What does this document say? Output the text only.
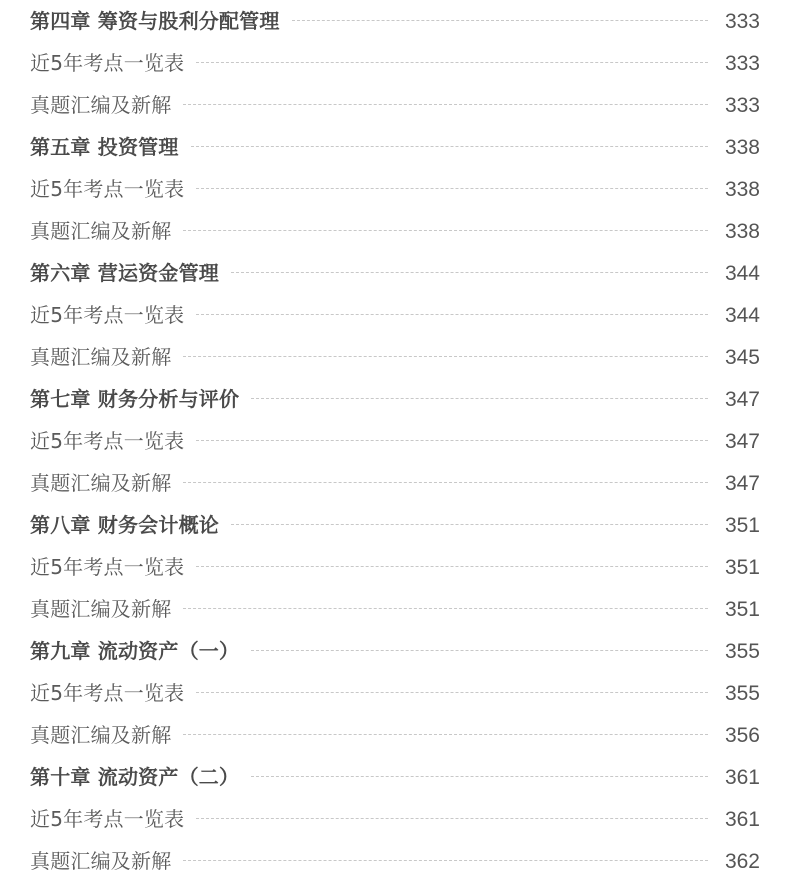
第四章 筹资与股利分配管理	333
近5年考点一览表	333
真题汇编及新解	333
第五章 投资管理	338
近5年考点一览表	338
真题汇编及新解	338
第六章 营运资金管理	344
近5年考点一览表	344
真题汇编及新解	345
第七章 财务分析与评价	347
近5年考点一览表	347
真题汇编及新解	347
第八章 财务会计概论	351
近5年考点一览表	351
真题汇编及新解	351
第九章 流动资产（一）	355
近5年考点一览表	355
真题汇编及新解	356
第十章 流动资产（二）	361
近5年考点一览表	361
真题汇编及新解	362
